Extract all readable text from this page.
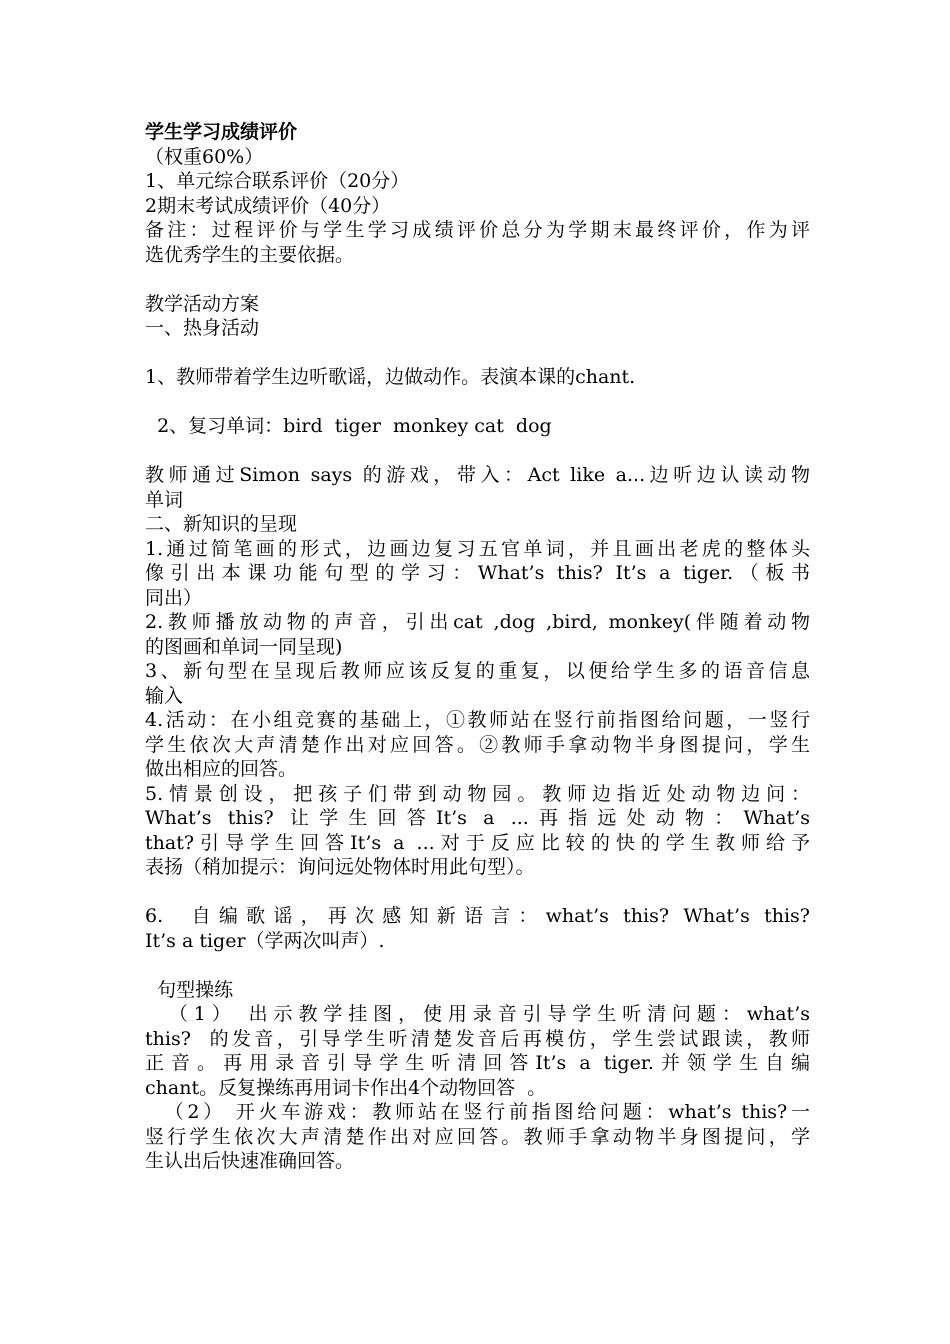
学生学习成绩评价
（权重60%）
1、单元综合联系评价（20分）
2期末考试成绩评价（40分）
备注：过程评价与学生学习成绩评价总分为学期末最终评价，作为评
选优秀学生的主要依据。
教学活动方案
一、热身活动
1、教师带着学生边听歌谣，边做动作。表演本课的chant.
2、复习单词：bird  tiger  monkey cat  dog
教师通过Simon says 的游戏，带入：Act like a...边听边认读动物
单词
二、新知识的呈现
1.通过简笔画的形式，边画边复习五官单词，并且画出老虎的整体头
像引出本课功能句型的学习：What’s this? It’s a tiger.（板书
同出）
2.教师播放动物的声音，引出cat ,dog ,bird, monkey(伴随着动物
的图画和单词一同呈现)
3、新句型在呈现后教师应该反复的重复，以便给学生多的语音信息
输入
4.活动：在小组竞赛的基础上，①教师站在竖行前指图给问题，一竖行
学生依次大声清楚作出对应回答。②教师手拿动物半身图提问，学生
做出相应的回答。
5.情景创设，把孩子们带到动物园。教师边指近处动物边问：
What’s this? 让学生回答It’s a ...再指远处动物：What’s
that?引导学生回答It’s a ...对于反应比较的快的学生教师给予
表扬（稍加提示：询问远处物体时用此句型）。
6.  自编歌谣，再次感知新语言：what’s this? What’s this?
It’s a tiger（学两次叫声）.
句型操练
（1） 出示教学挂图，使用录音引导学生听清问题：what’s
this?  的发音，引导学生听清楚发音后再模仿，学生尝试跟读，教师
正音。再用录音引导学生听清回答It’s a tiger.并领学生自编
chant。反复操练再用词卡作出4个动物回答  。
（2） 开火车游戏：教师站在竖行前指图给问题：what’s this?一
竖行学生依次大声清楚作出对应回答。教师手拿动物半身图提问，学
生认出后快速准确回答。
